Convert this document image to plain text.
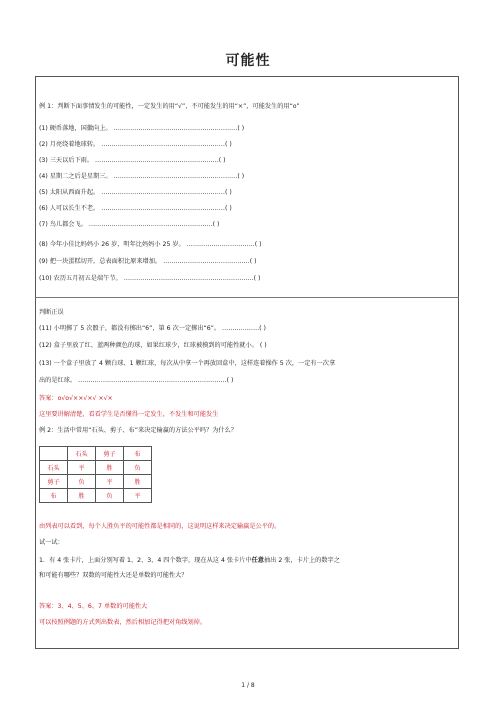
可能性
例 1：判断下面事情发生的可能性，一定发生的用“√”，不可能发生的用“×”，可能发生的用“o”
(1) 硬币落地，国徽向上。 ……………………………………………………( )
(2) 月亮绕着地球转。 ……………………………………………………( )
(3) 三天以后下雨。 ……………………………………………………( )
(4) 星期二之后是星期三。 ……………………………………………………( )
(5) 太阳从西面升起。 ……………………………………………………( )
(6) 人可以长生不老。 ……………………………………………………( )
(7) 鸟儿都会飞。 ……………………………………………………( )
(8) 今年小佳比妈妈小 26 岁，明年比妈妈小 25 岁。 ……………………………( )
(9) 把一块蛋糕切开，总表面积比原来增加。 ……………………………………( )
(10) 农历五月初五是端午节。 ………………………………………………………( )
判断正误
(11) 小明掷了 5 次骰子，都没有掷出“6”，第 6 次一定掷出“6”。 ………………( )
(12) 盒子里放了红、蓝两种颜色的球，如果红球少，红球被摸到的可能性就小。 ( )
(13) 一个盒子里放了 4 颗白球、1 颗红球，每次从中拿一个再放回盒中，这样连着操作 5 次，一定有一次拿
出的是红球。 ………………………………………………………………( )
答案：o√o√××√×√ ×√×
这里要讲解清楚，看看学生是否懂得一定发生，不发生和可能发生
例 2：生活中常用“石头、剪子、布”来决定输赢的方法公平吗？为什么？
	石头	剪子	布
石头	平	胜	负
剪子	负	平	胜
布	胜	负	平
由列表可以看到，每个人胜负平的可能性都是相同的，这说明这样来决定输赢是公平的。
试一试：
1．有 4 张卡片，上面分别写着 1、2、3、4 四个数字，现在从这 4 张卡片中任意抽出 2 张，卡片上的数字之
和可能有哪些？双数的可能性大还是单数的可能性大？
答案：3、4、5、6、7 单数的可能性大
可以按照例题的方式列出数表，然后相加记得把对角线划掉。
1 / 8
